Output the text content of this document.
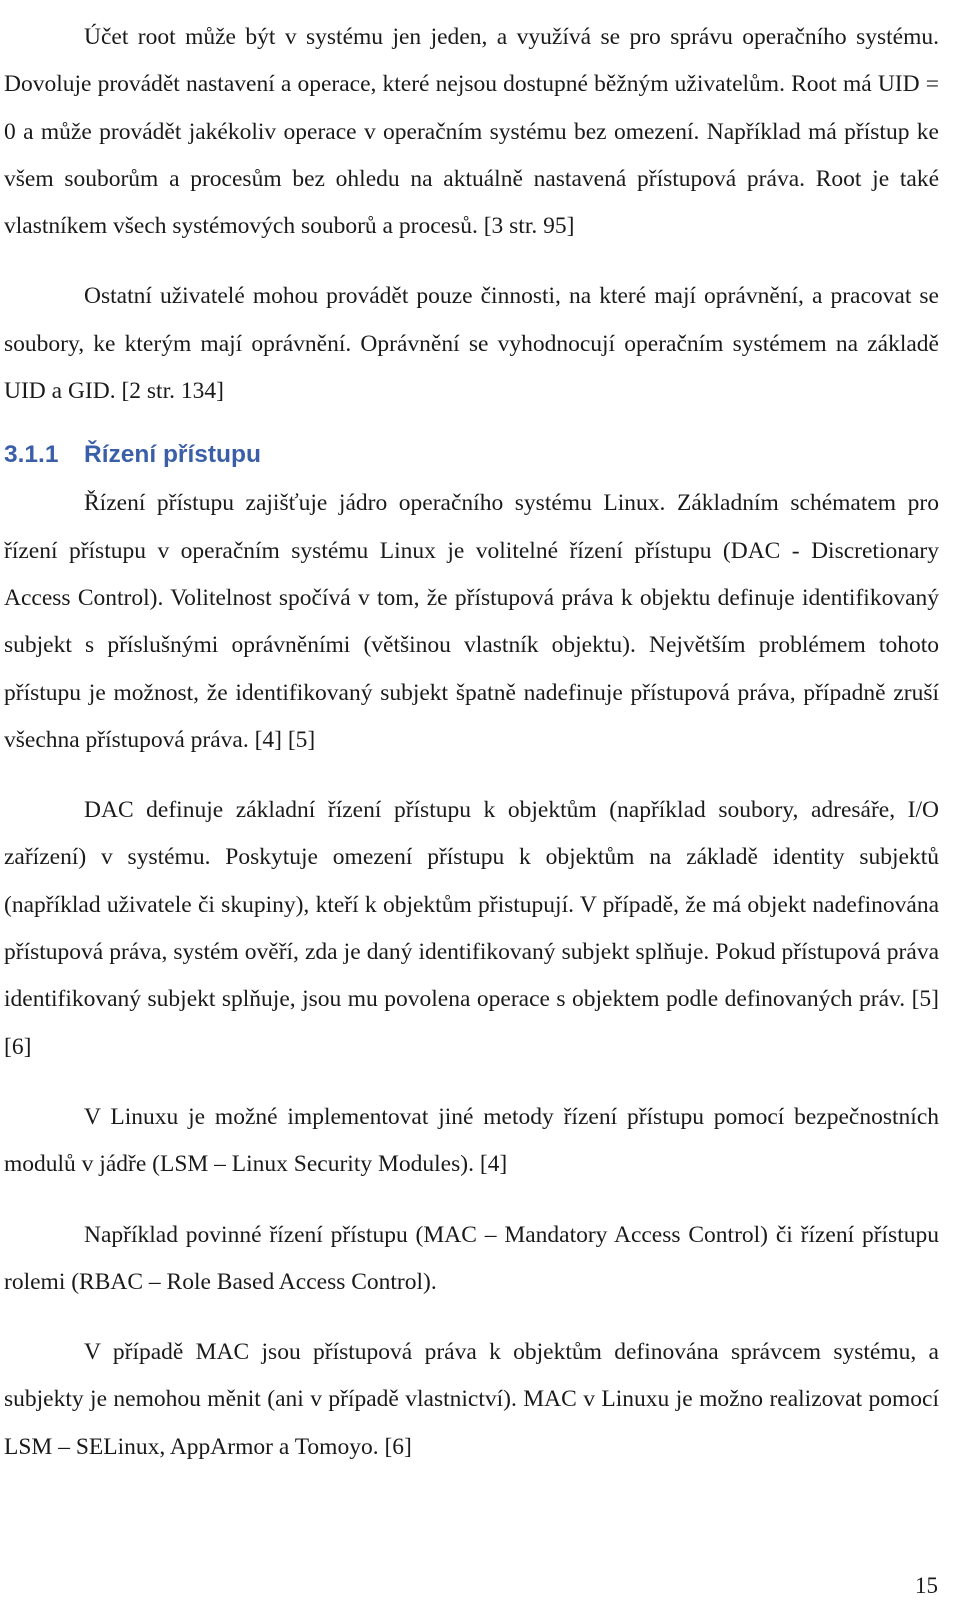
Účet root může být v systému jen jeden, a využívá se pro správu operačního systému. Dovoluje provádět nastavení a operace, které nejsou dostupné běžným uživatelům. Root má UID = 0 a může provádět jakékoliv operace v operačním systému bez omezení. Například má přístup ke všem souborům a procesům bez ohledu na aktuálně nastavená přístupová práva. Root je také vlastníkem všech systémových souborů a procesů. [3 str. 95]

Ostatní uživatelé mohou provádět pouze činnosti, na které mají oprávnění, a pracovat se soubory, ke kterým mají oprávnění. Oprávnění se vyhodnocují operačním systémem na základě UID a GID. [2 str. 134]

3.1.1 Řízení přístupu

Řízení přístupu zajišťuje jádro operačního systému Linux. Základním schématem pro řízení přístupu v operačním systému Linux je volitelné řízení přístupu (DAC - Discretionary Access Control). Volitelnost spočívá v tom, že přístupová práva k objektu definuje identifikovaný subjekt s příslušnými oprávněními (většinou vlastník objektu). Největším problémem tohoto přístupu je možnost, že identifikovaný subjekt špatně nadefinuje přístupová práva, případně zruší všechna přístupová práva. [4] [5]

DAC definuje základní řízení přístupu k objektům (například soubory, adresáře, I/O zařízení) v systému. Poskytuje omezení přístupu k objektům na základě identity subjektů (například uživatele či skupiny), kteří k objektům přistupují. V případě, že má objekt nadefinována přístupová práva, systém ověří, zda je daný identifikovaný subjekt splňuje. Pokud přístupová práva identifikovaný subjekt splňuje, jsou mu povolena operace s objektem podle definovaných práv. [5] [6]

V Linuxu je možné implementovat jiné metody řízení přístupu pomocí bezpečnostních modulů v jádře (LSM – Linux Security Modules). [4]

Například povinné řízení přístupu (MAC – Mandatory Access Control) či řízení přístupu rolemi (RBAC – Role Based Access Control).

V případě MAC jsou přístupová práva k objektům definována správcem systému, a subjekty je nemohou měnit (ani v případě vlastnictví). MAC v Linuxu je možno realizovat pomocí LSM – SELinux, AppArmor a Tomoyo. [6]

15
